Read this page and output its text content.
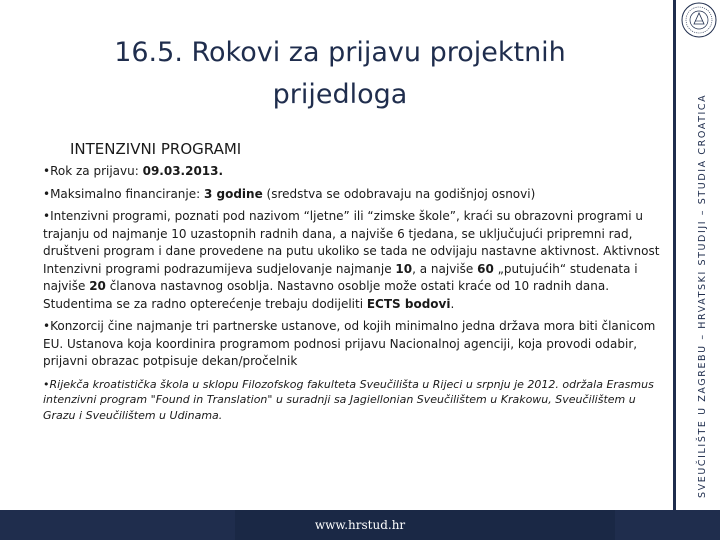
16.5. Rokovi za prijavu projektnih
prijedloga
INTENZIVNI PROGRAMI

•Rok za prijavu: 09.03.2013.

•Maksimalno financiranje: 3 godine (sredstva se odobravaju na godišnjoj osnovi)

•Intenzivni programi, poznati pod nazivom “ljetne” ili “zimske škole”, kraći su obrazovni programi u trajanju od najmanje 10 uzastopnih radnih dana, a najviše 6 tjedana, se uključujući pripremni rad, društveni program i dane provedene na putu ukoliko se tada ne odvijaju nastavne aktivnost. Aktivnost Intenzivni programi podrazumijeva sudjelovanje najmanje 10, a najviše 60 „putujućih“ studenata i najviše 20 članova nastavnog osoblja. Nastavno osoblje može ostati kraće od 10 radnih dana. Studentima se za radno opterećenje trebaju dodijeliti ECTS bodovi.

•Konzorcij čine najmanje tri partnerske ustanove, od kojih minimalno jedna država mora biti članicom EU. Ustanova koja koordinira programom podnosi prijavu Nacionalnoj agenciji, koja provodi odabir, prijavni obrazac potpisuje dekan/pročelnik

•Rijekča kroatistička škola u sklopu Filozofskog fakulteta Sveučilišta u Rijeci u srpnju je 2012. održala Erasmus intenzivni program "Found in Translation" u suradnji sa Jagiellonian Sveučilištem u Krakowu, Sveučilištem u Grazu i Sveučilištem u Udinama.	SVEUČILIŠTE U ZAGREBU – HRVATSKI STUDIJI – STUDIA CROATICA
www.hrstud.hr
